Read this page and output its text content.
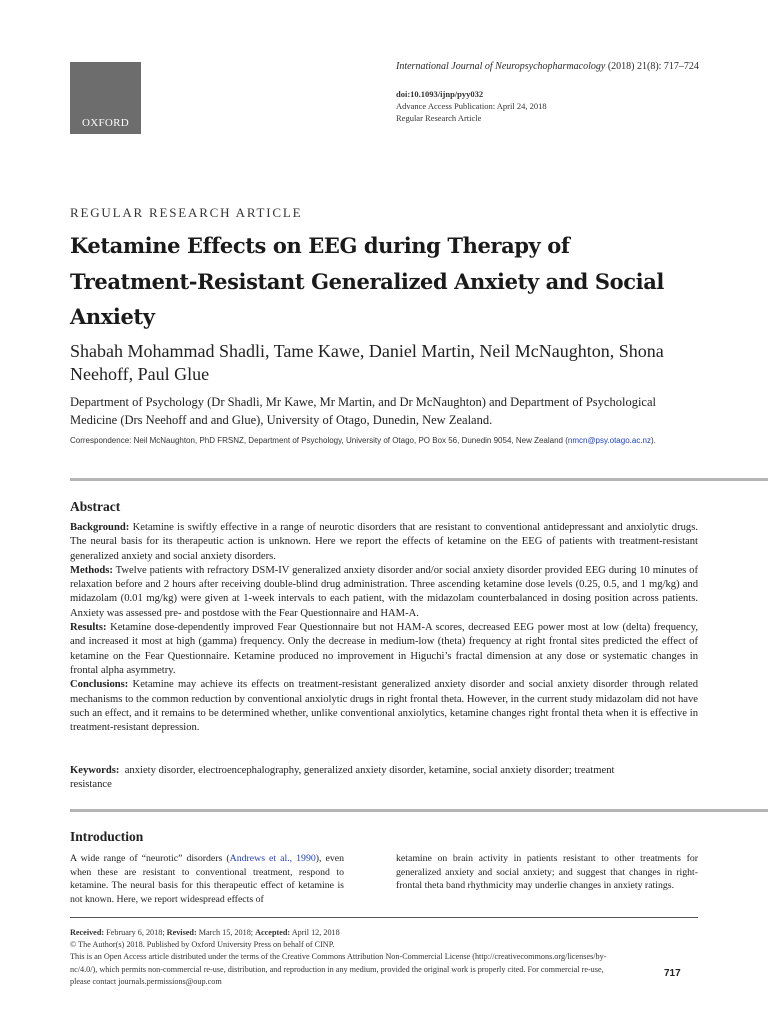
OXFORD
International Journal of Neuropsychopharmacology (2018) 21(8): 717–724
doi:10.1093/ijnp/pyy032
Advance Access Publication: April 24, 2018
Regular Research Article
REGULAR RESEARCH ARTICLE
Ketamine Effects on EEG during Therapy of Treatment-Resistant Generalized Anxiety and Social Anxiety
Shabah Mohammad Shadli, Tame Kawe, Daniel Martin, Neil McNaughton, Shona Neehoff, Paul Glue
Department of Psychology (Dr Shadli, Mr Kawe, Mr Martin, and Dr McNaughton) and Department of Psychological Medicine (Drs Neehoff and and Glue), University of Otago, Dunedin, New Zealand.
Correspondence: Neil McNaughton, PhD FRSNZ, Department of Psychology, University of Otago, PO Box 56, Dunedin 9054, New Zealand (nmcn@psy.otago.ac.nz).
Abstract

Background: Ketamine is swiftly effective in a range of neurotic disorders that are resistant to conventional antidepressant and anxiolytic drugs. The neural basis for its therapeutic action is unknown. Here we report the effects of ketamine on the EEG of patients with treatment-resistant generalized anxiety and social anxiety disorders.

Methods: Twelve patients with refractory DSM-IV generalized anxiety disorder and/or social anxiety disorder provided EEG during 10 minutes of relaxation before and 2 hours after receiving double-blind drug administration. Three ascending ketamine dose levels (0.25, 0.5, and 1 mg/kg) and midazolam (0.01 mg/kg) were given at 1-week intervals to each patient, with the midazolam counterbalanced in dosing position across patients. Anxiety was assessed pre- and postdose with the Fear Questionnaire and HAM-A.

Results: Ketamine dose-dependently improved Fear Questionnaire but not HAM-A scores, decreased EEG power most at low (delta) frequency, and increased it most at high (gamma) frequency. Only the decrease in medium-low (theta) frequency at right frontal sites predicted the effect of ketamine on the Fear Questionnaire. Ketamine produced no improvement in Higuchi’s fractal dimension at any dose or systematic changes in frontal alpha asymmetry.

Conclusions: Ketamine may achieve its effects on treatment-resistant generalized anxiety disorder and social anxiety disorder through related mechanisms to the common reduction by conventional anxiolytic drugs in right frontal theta. However, in the current study midazolam did not have such an effect, and it remains to be determined whether, unlike conventional anxiolytics, ketamine changes right frontal theta when it is effective in treatment-resistant depression.

Keywords: anxiety disorder, electroencephalography, generalized anxiety disorder, ketamine, social anxiety disorder; treatment resistance
Introduction
A wide range of “neurotic” disorders (Andrews et al., 1990), even when these are resistant to conventional treatment, respond to ketamine. The neural basis for this therapeutic effect of ketamine is not known. Here, we report widespread effects of
ketamine on brain activity in patients resistant to other treatments for generalized anxiety and social anxiety; and suggest that changes in right-frontal theta band rhythmicity may underlie changes in anxiety ratings.
Received: February 6, 2018; Revised: March 15, 2018; Accepted: April 12, 2018
© The Author(s) 2018. Published by Oxford University Press on behalf of CINP.
This is an Open Access article distributed under the terms of the Creative Commons Attribution Non-Commercial License (http://creativecommons.org/licenses/by-nc/4.0/), which permits non-commercial re-use, distribution, and reproduction in any medium, provided the original work is properly cited. For commercial re-use, please contact journals.permissions@oup.com
717
